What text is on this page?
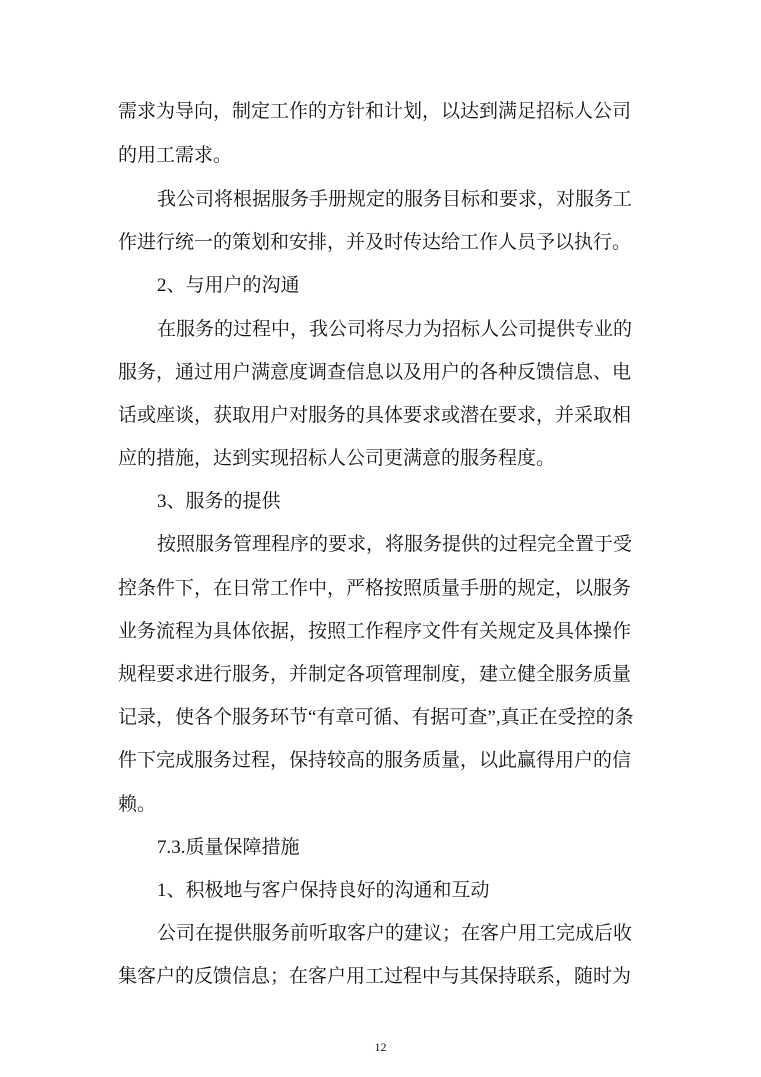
需求为导向，制定工作的方针和计划，以达到满足招标人公司
的用工需求。
我公司将根据服务手册规定的服务目标和要求，对服务工
作进行统一的策划和安排，并及时传达给工作人员予以执行。
2、与用户的沟通
在服务的过程中，我公司将尽力为招标人公司提供专业的
服务，通过用户满意度调查信息以及用户的各种反馈信息、电
话或座谈，获取用户对服务的具体要求或潜在要求，并采取相
应的措施，达到实现招标人公司更满意的服务程度。
3、服务的提供
按照服务管理程序的要求，将服务提供的过程完全置于受
控条件下，在日常工作中，严格按照质量手册的规定，以服务
业务流程为具体依据，按照工作程序文件有关规定及具体操作
规程要求进行服务，并制定各项管理制度，建立健全服务质量
记录，使各个服务环节“有章可循、有据可查”,真正在受控的条
件下完成服务过程，保持较高的服务质量，以此赢得用户的信
赖。
7.3.质量保障措施
1、积极地与客户保持良好的沟通和互动
公司在提供服务前听取客户的建议；在客户用工完成后收
集客户的反馈信息；在客户用工过程中与其保持联系，随时为
12
